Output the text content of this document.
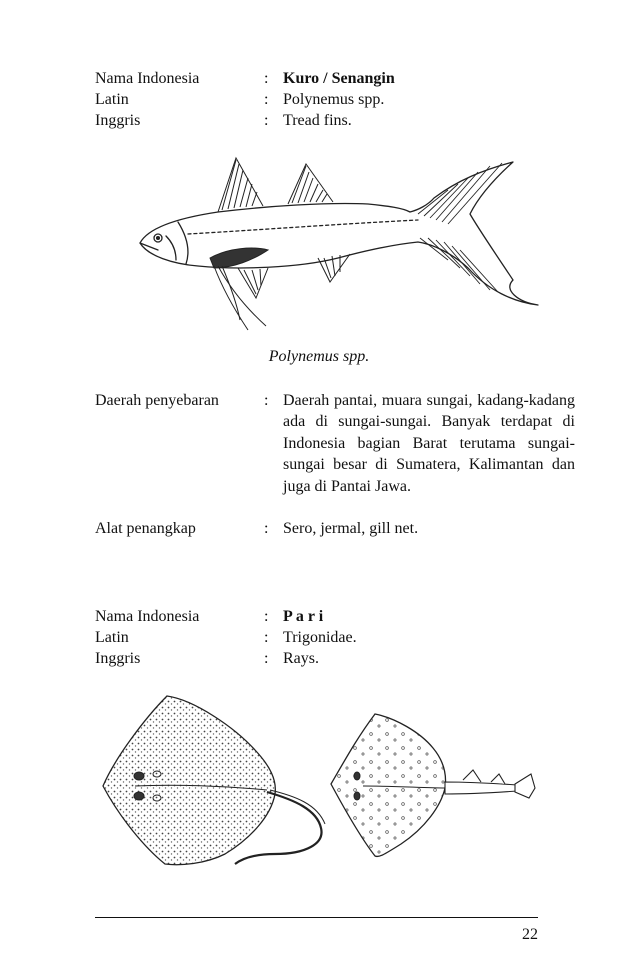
Nama Indonesia	: Kuro / Senangin
Latin	: Polynemus spp.
Inggris	: Tread fins.
Polynemus spp.
Daerah penyebaran	: Daerah pantai, muara sungai, kadang-kadang ada di sungai-sungai. Banyak terdapat di Indonesia bagian Barat terutama sungai-sungai besar di Sumatera, Kalimantan dan juga di Pantai Jawa.
Alat penangkap	: Sero, jermal, gill net.
Nama Indonesia	: P a r i
Latin	: Trigonidae.
Inggris	: Rays.
22
